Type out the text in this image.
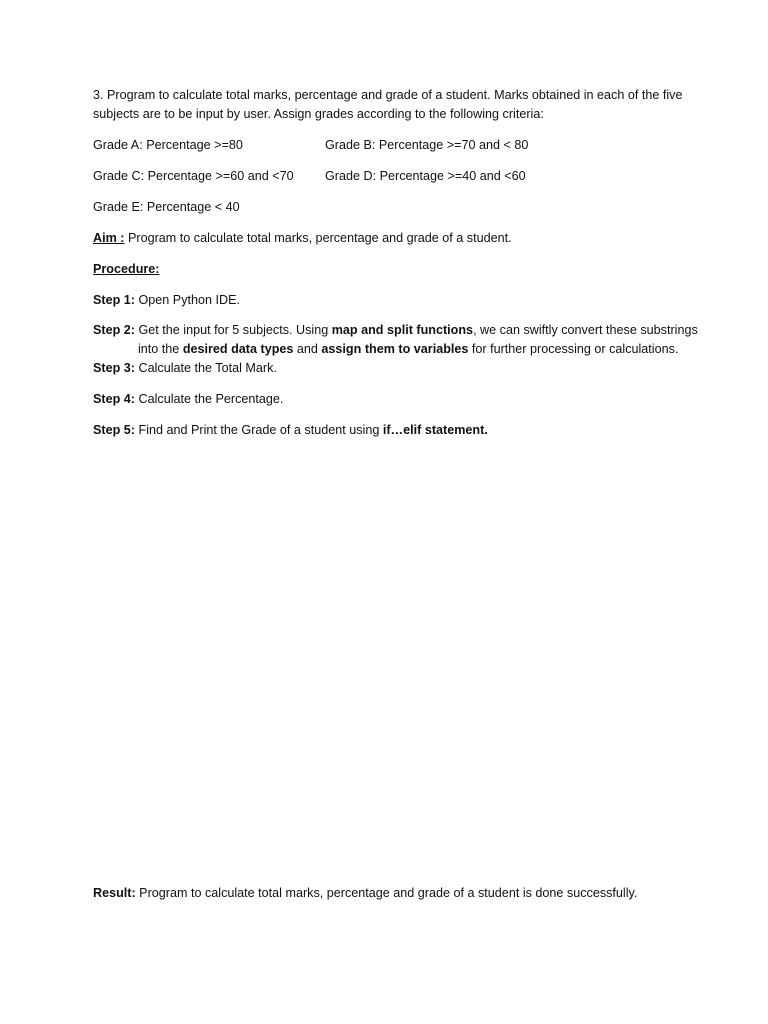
3. Program to calculate total marks, percentage and grade of a student. Marks obtained in each of the five
subjects are to be input by user. Assign grades according to the following criteria:

Grade A: Percentage >=80	Grade B: Percentage >=70 and < 80
Grade C: Percentage >=60 and <70 Grade D: Percentage >=40 and <60
Grade E: Percentage < 40

Aim : Program to calculate total marks, percentage and grade of a student.

Procedure:

Step 1: Open Python IDE.

Step 2: Get the input for 5 subjects. Using map and split functions, we can swiftly convert these substrings
into the desired data types and assign them to variables for further processing or calculations.

Step 3: Calculate the Total Mark.

Step 4: Calculate the Percentage.

Step 5: Find and Print the Grade of a student using if…elif statement.

Result: Program to calculate total marks, percentage and grade of a student is done successfully.
